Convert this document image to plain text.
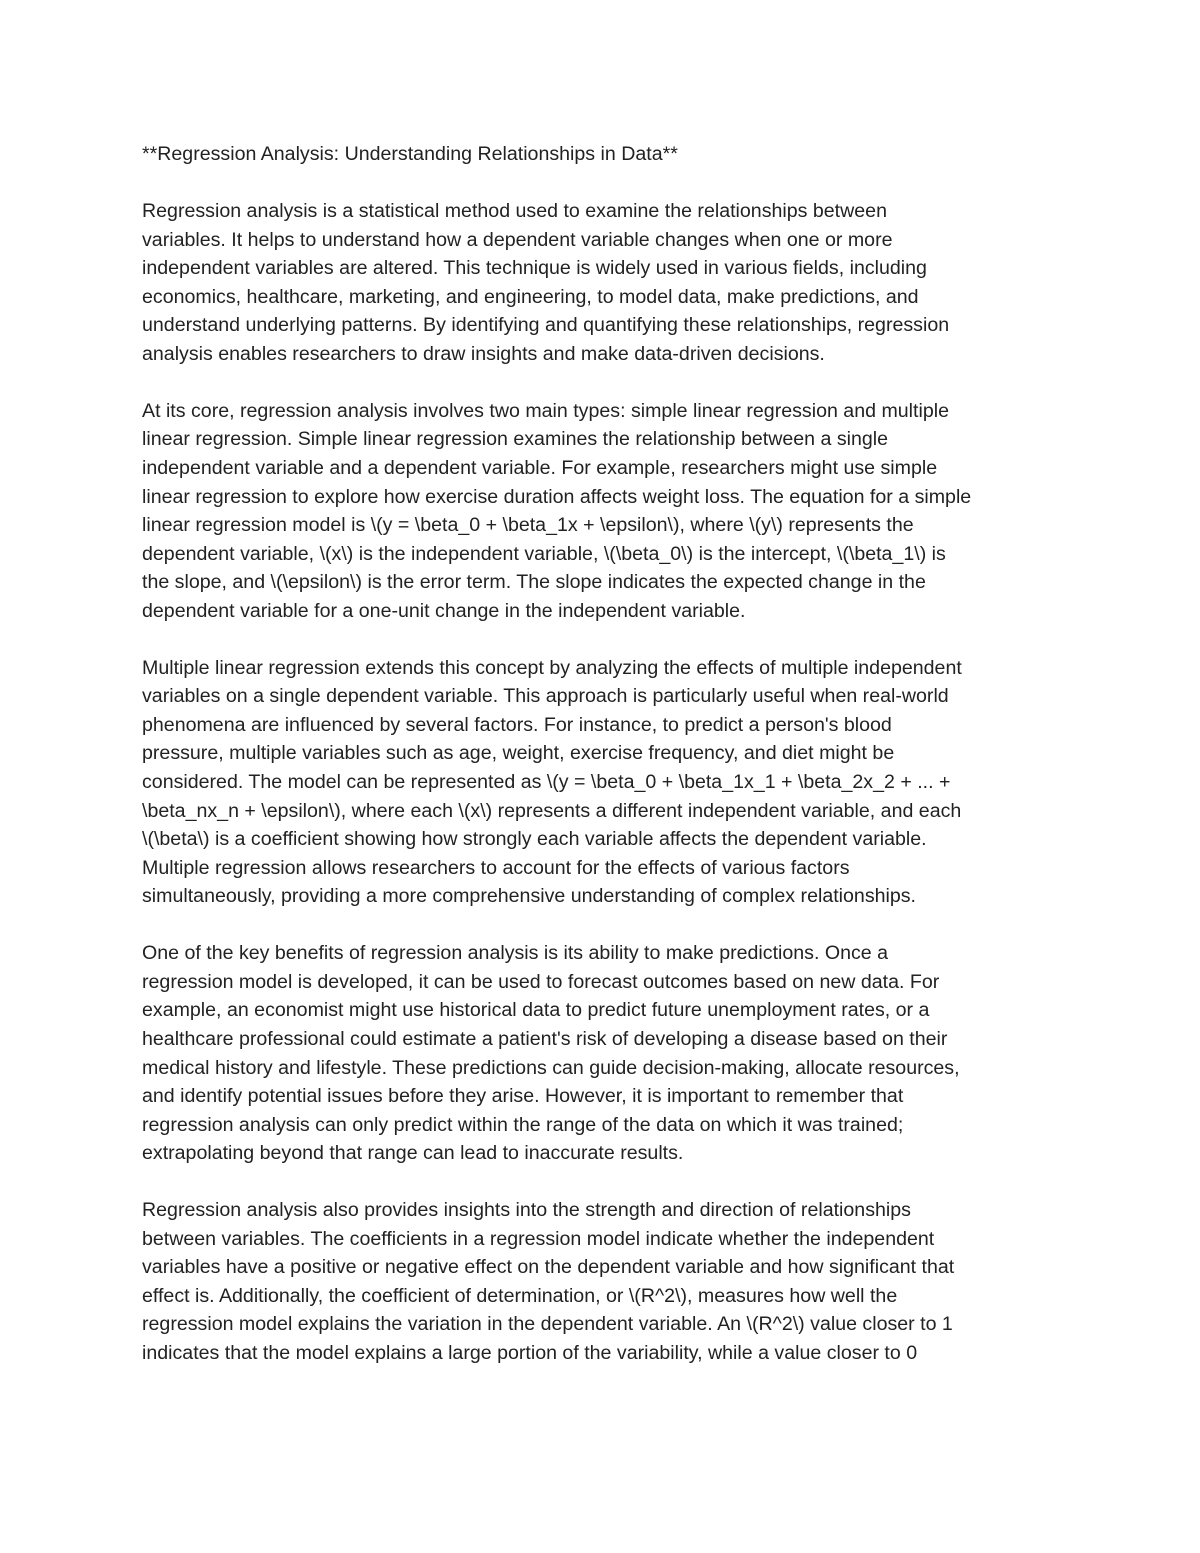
**Regression Analysis: Understanding Relationships in Data**
Regression analysis is a statistical method used to examine the relationships between
variables. It helps to understand how a dependent variable changes when one or more
independent variables are altered. This technique is widely used in various fields, including
economics, healthcare, marketing, and engineering, to model data, make predictions, and
understand underlying patterns. By identifying and quantifying these relationships, regression
analysis enables researchers to draw insights and make data-driven decisions.
At its core, regression analysis involves two main types: simple linear regression and multiple
linear regression. Simple linear regression examines the relationship between a single
independent variable and a dependent variable. For example, researchers might use simple
linear regression to explore how exercise duration affects weight loss. The equation for a simple
linear regression model is \(y = \beta_0 + \beta_1x + \epsilon\), where \(y\) represents the
dependent variable, \(x\) is the independent variable, \(\beta_0\) is the intercept, \(\beta_1\) is
the slope, and \(\epsilon\) is the error term. The slope indicates the expected change in the
dependent variable for a one-unit change in the independent variable.
Multiple linear regression extends this concept by analyzing the effects of multiple independent
variables on a single dependent variable. This approach is particularly useful when real-world
phenomena are influenced by several factors. For instance, to predict a person's blood
pressure, multiple variables such as age, weight, exercise frequency, and diet might be
considered. The model can be represented as \(y = \beta_0 + \beta_1x_1 + \beta_2x_2 + ... +
\beta_nx_n + \epsilon\), where each \(x\) represents a different independent variable, and each
\(\beta\) is a coefficient showing how strongly each variable affects the dependent variable.
Multiple regression allows researchers to account for the effects of various factors
simultaneously, providing a more comprehensive understanding of complex relationships.
One of the key benefits of regression analysis is its ability to make predictions. Once a
regression model is developed, it can be used to forecast outcomes based on new data. For
example, an economist might use historical data to predict future unemployment rates, or a
healthcare professional could estimate a patient's risk of developing a disease based on their
medical history and lifestyle. These predictions can guide decision-making, allocate resources,
and identify potential issues before they arise. However, it is important to remember that
regression analysis can only predict within the range of the data on which it was trained;
extrapolating beyond that range can lead to inaccurate results.
Regression analysis also provides insights into the strength and direction of relationships
between variables. The coefficients in a regression model indicate whether the independent
variables have a positive or negative effect on the dependent variable and how significant that
effect is. Additionally, the coefficient of determination, or \(R^2\), measures how well the
regression model explains the variation in the dependent variable. An \(R^2\) value closer to 1
indicates that the model explains a large portion of the variability, while a value closer to 0
